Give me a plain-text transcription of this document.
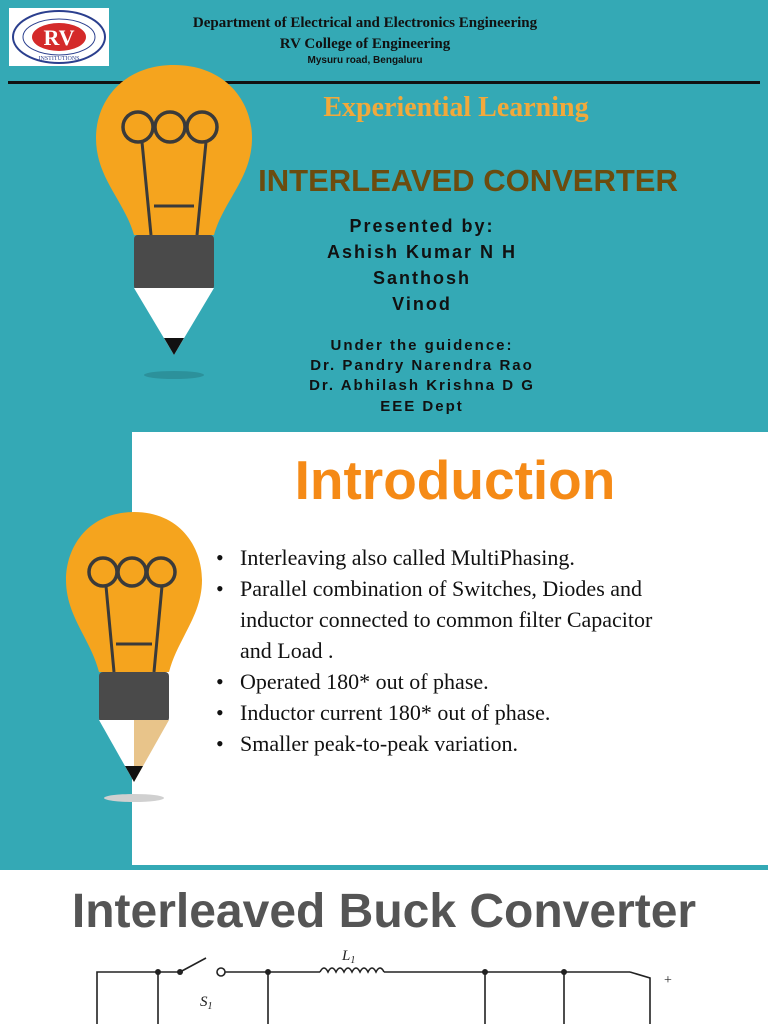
RV
INSTITUTIONS
Department of Electrical and Electronics Engineering
RV College of Engineering
Mysuru road, Bengaluru
Experiential Learning
INTERLEAVED CONVERTER
Presented by:
Ashish Kumar N H
Santhosh
Vinod
Under the guidence:
Dr. Pandry Narendra Rao
Dr. Abhilash Krishna D G
EEE Dept
Introduction
• Interleaving also called MultiPhasing.
• Parallel combination of Switches, Diodes and inductor connected to common filter Capacitor and Load .
• Operated 180* out of phase.
• Inductor current 180* out of phase.
• Smaller peak-to-peak variation.
Interleaved Buck Converter
$L_1$
$S_1$
+
